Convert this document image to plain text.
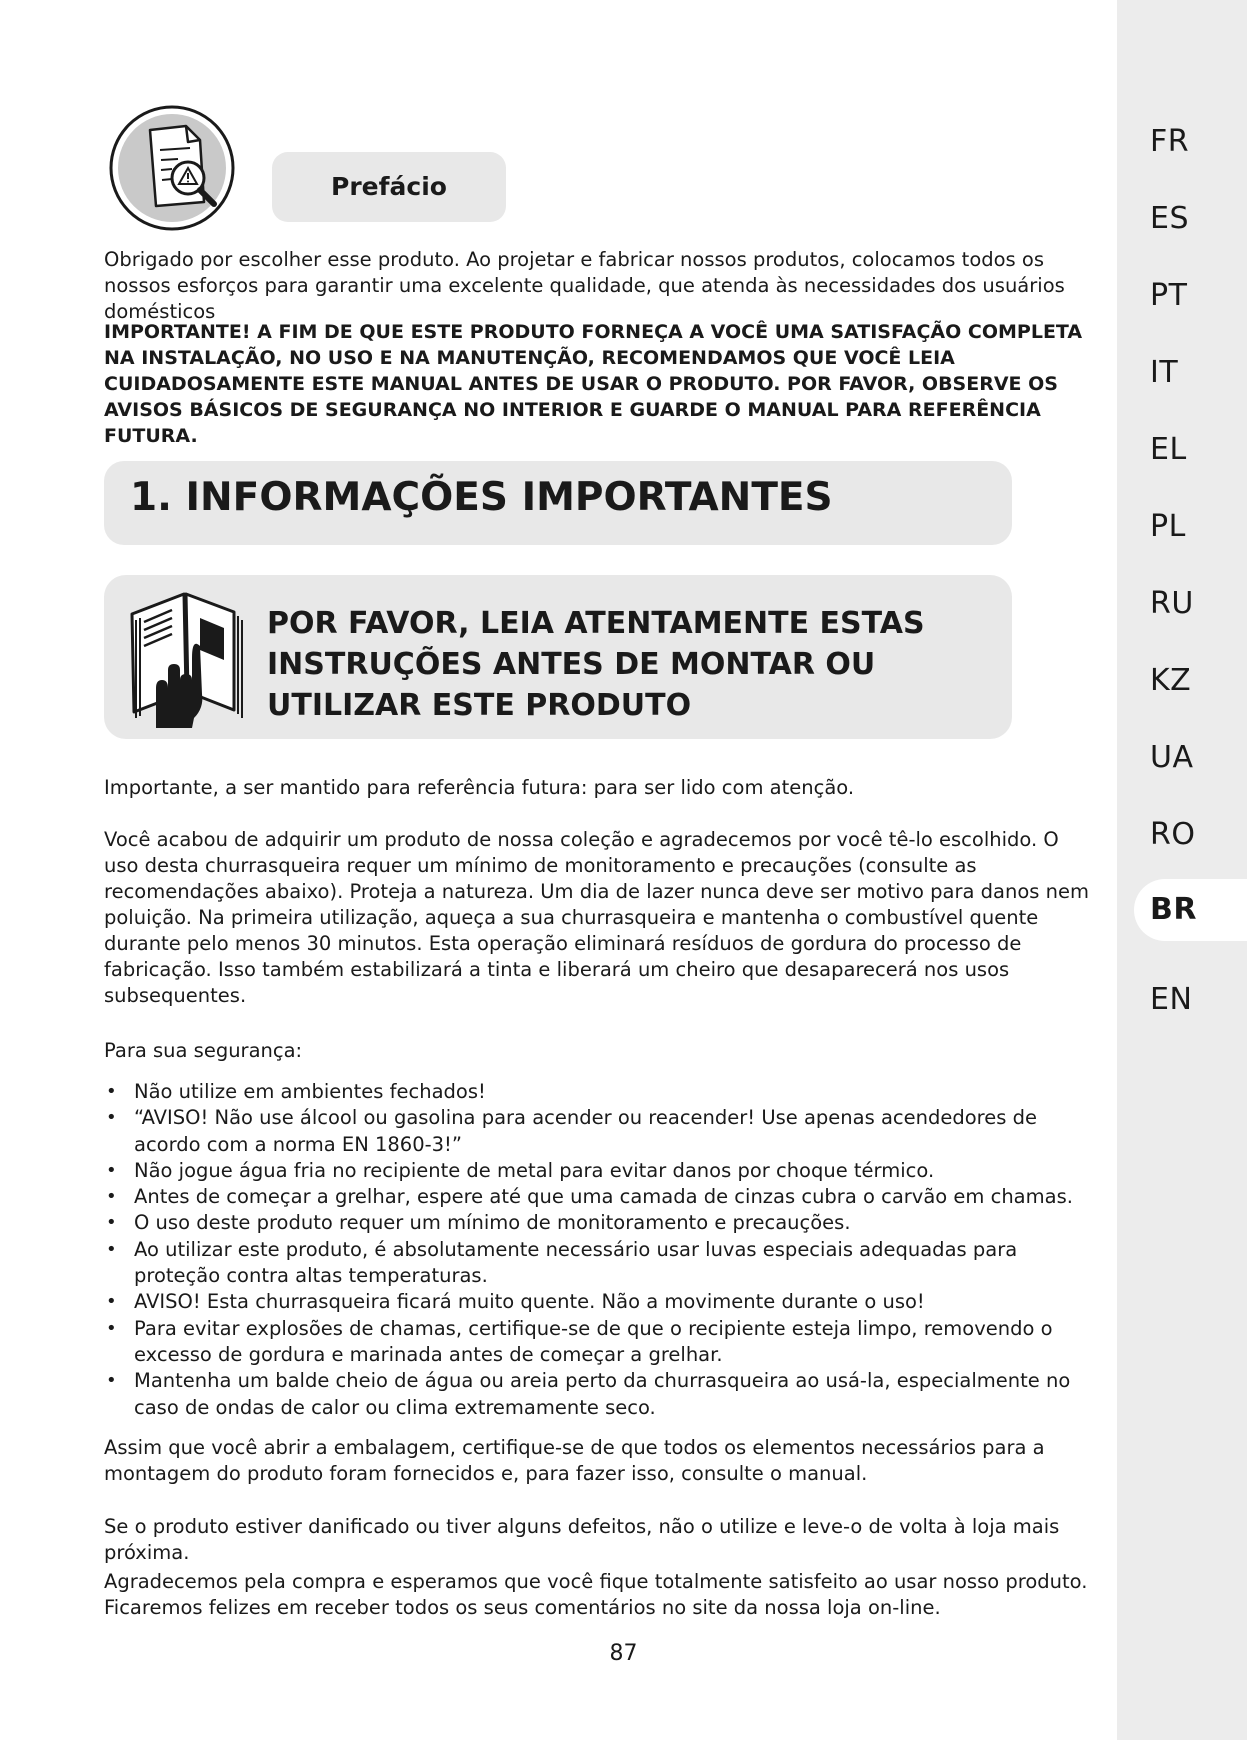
FR
ES
PT
IT
EL
PL
RU
KZ
UA
RO
BR
EN
Prefácio

Obrigado por escolher esse produto. Ao projetar e fabricar nossos produtos, colocamos todos os nossos esforços para garantir uma excelente qualidade, que atenda às necessidades dos usuários domésticos

IMPORTANTE! A FIM DE QUE ESTE PRODUTO FORNEÇA A VOCÊ UMA SATISFAÇÃO COMPLETA NA INSTALAÇÃO, NO USO E NA MANUTENÇÃO, RECOMENDAMOS QUE VOCÊ LEIA CUIDADOSAMENTE ESTE MANUAL ANTES DE USAR O PRODUTO. POR FAVOR, OBSERVE OS AVISOS BÁSICOS DE SEGURANÇA NO INTERIOR E GUARDE O MANUAL PARA REFERÊNCIA FUTURA.

1. INFORMAÇÕES IMPORTANTES
POR FAVOR, LEIA ATENTAMENTE ESTAS INSTRUÇÕES ANTES DE MONTAR OU UTILIZAR ESTE PRODUTO

Importante, a ser mantido para referência futura: para ser lido com atenção.

Você acabou de adquirir um produto de nossa coleção e agradecemos por você tê-lo escolhido. O uso desta churrasqueira requer um mínimo de monitoramento e precauções (consulte as recomendações abaixo). Proteja a natureza. Um dia de lazer nunca deve ser motivo para danos nem poluição. Na primeira utilização, aqueça a sua churrasqueira e mantenha o combustível quente durante pelo menos 30 minutos. Esta operação eliminará resíduos de gordura do processo de fabricação. Isso também estabilizará a tinta e liberará um cheiro que desaparecerá nos usos subsequentes.

Para sua segurança:

• Não utilize em ambientes fechados!
• “AVISO! Não use álcool ou gasolina para acender ou reacender! Use apenas acendedores de acordo com a norma EN 1860-3!”
• Não jogue água fria no recipiente de metal para evitar danos por choque térmico.
• Antes de começar a grelhar, espere até que uma camada de cinzas cubra o carvão em chamas.
• O uso deste produto requer um mínimo de monitoramento e precauções.
• Ao utilizar este produto, é absolutamente necessário usar luvas especiais adequadas para proteção contra altas temperaturas.
• AVISO! Esta churrasqueira ficará muito quente. Não a movimente durante o uso!
• Para evitar explosões de chamas, certifique-se de que o recipiente esteja limpo, removendo o excesso de gordura e marinada antes de começar a grelhar.
• Mantenha um balde cheio de água ou areia perto da churrasqueira ao usá-la, especialmente no caso de ondas de calor ou clima extremamente seco.

Assim que você abrir a embalagem, certifique-se de que todos os elementos necessários para a montagem do produto foram fornecidos e, para fazer isso, consulte o manual.

Se o produto estiver danificado ou tiver alguns defeitos, não o utilize e leve-o de volta à loja mais próxima.

Agradecemos pela compra e esperamos que você fique totalmente satisfeito ao usar nosso produto. Ficaremos felizes em receber todos os seus comentários no site da nossa loja on-line.

87
